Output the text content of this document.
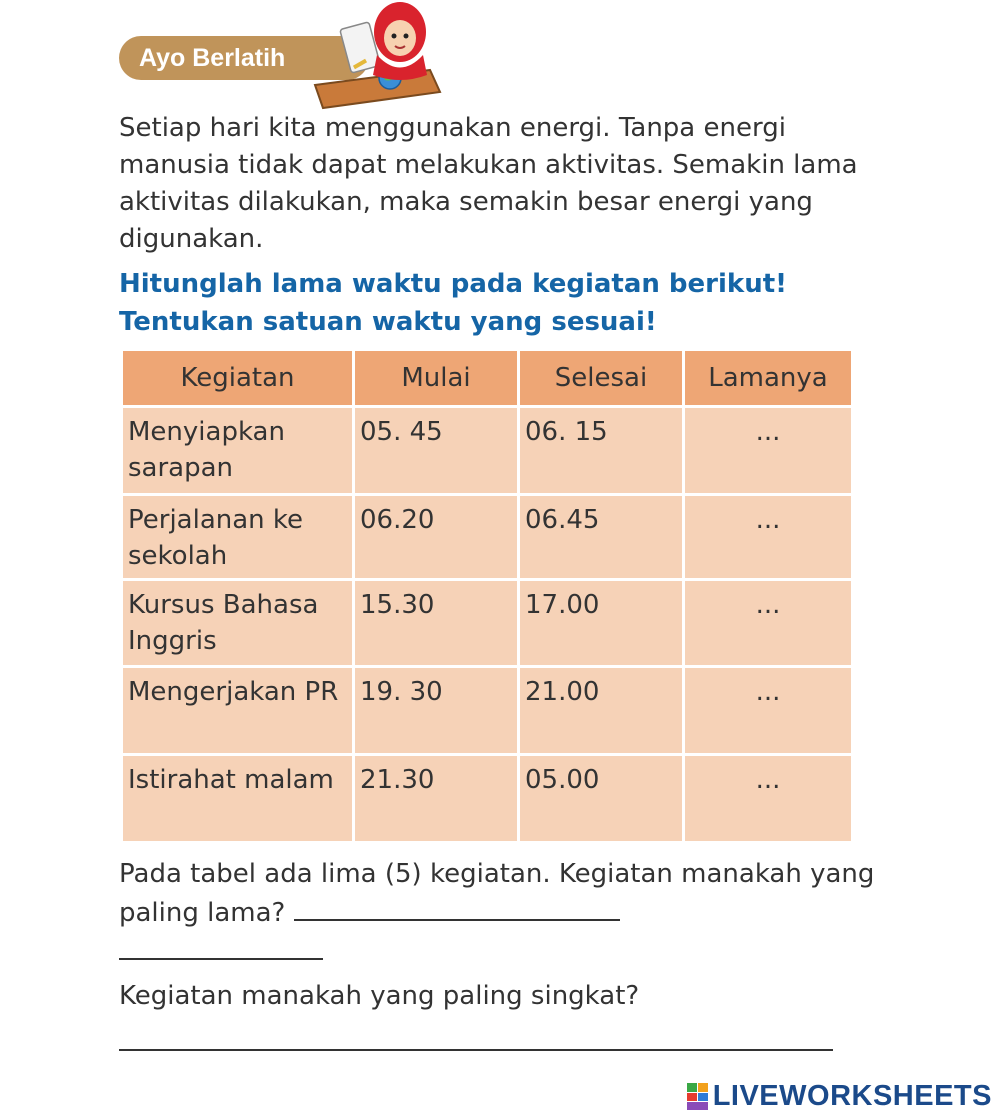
Ayo Berlatih

Setiap hari kita menggunakan energi. Tanpa energi manusia tidak dapat melakukan aktivitas. Semakin lama aktivitas dilakukan, maka semakin besar energi yang digunakan.

Hitunglah lama waktu pada kegiatan berikut!
Tentukan satuan waktu yang sesuai!
Kegiatan	Mulai	Selesai	Lamanya
Menyiapkan sarapan	05. 45	06. 15	...
Perjalanan ke sekolah	06.20	06.45	...
Kursus Bahasa Inggris	15.30	17.00	...
Mengerjakan PR	19. 30	21.00	...
Istirahat malam	21.30	05.00	...
Pada tabel ada lima (5) kegiatan. Kegiatan manakah yang paling lama?
Kegiatan manakah yang paling singkat?
LIVEWORKSHEETS
